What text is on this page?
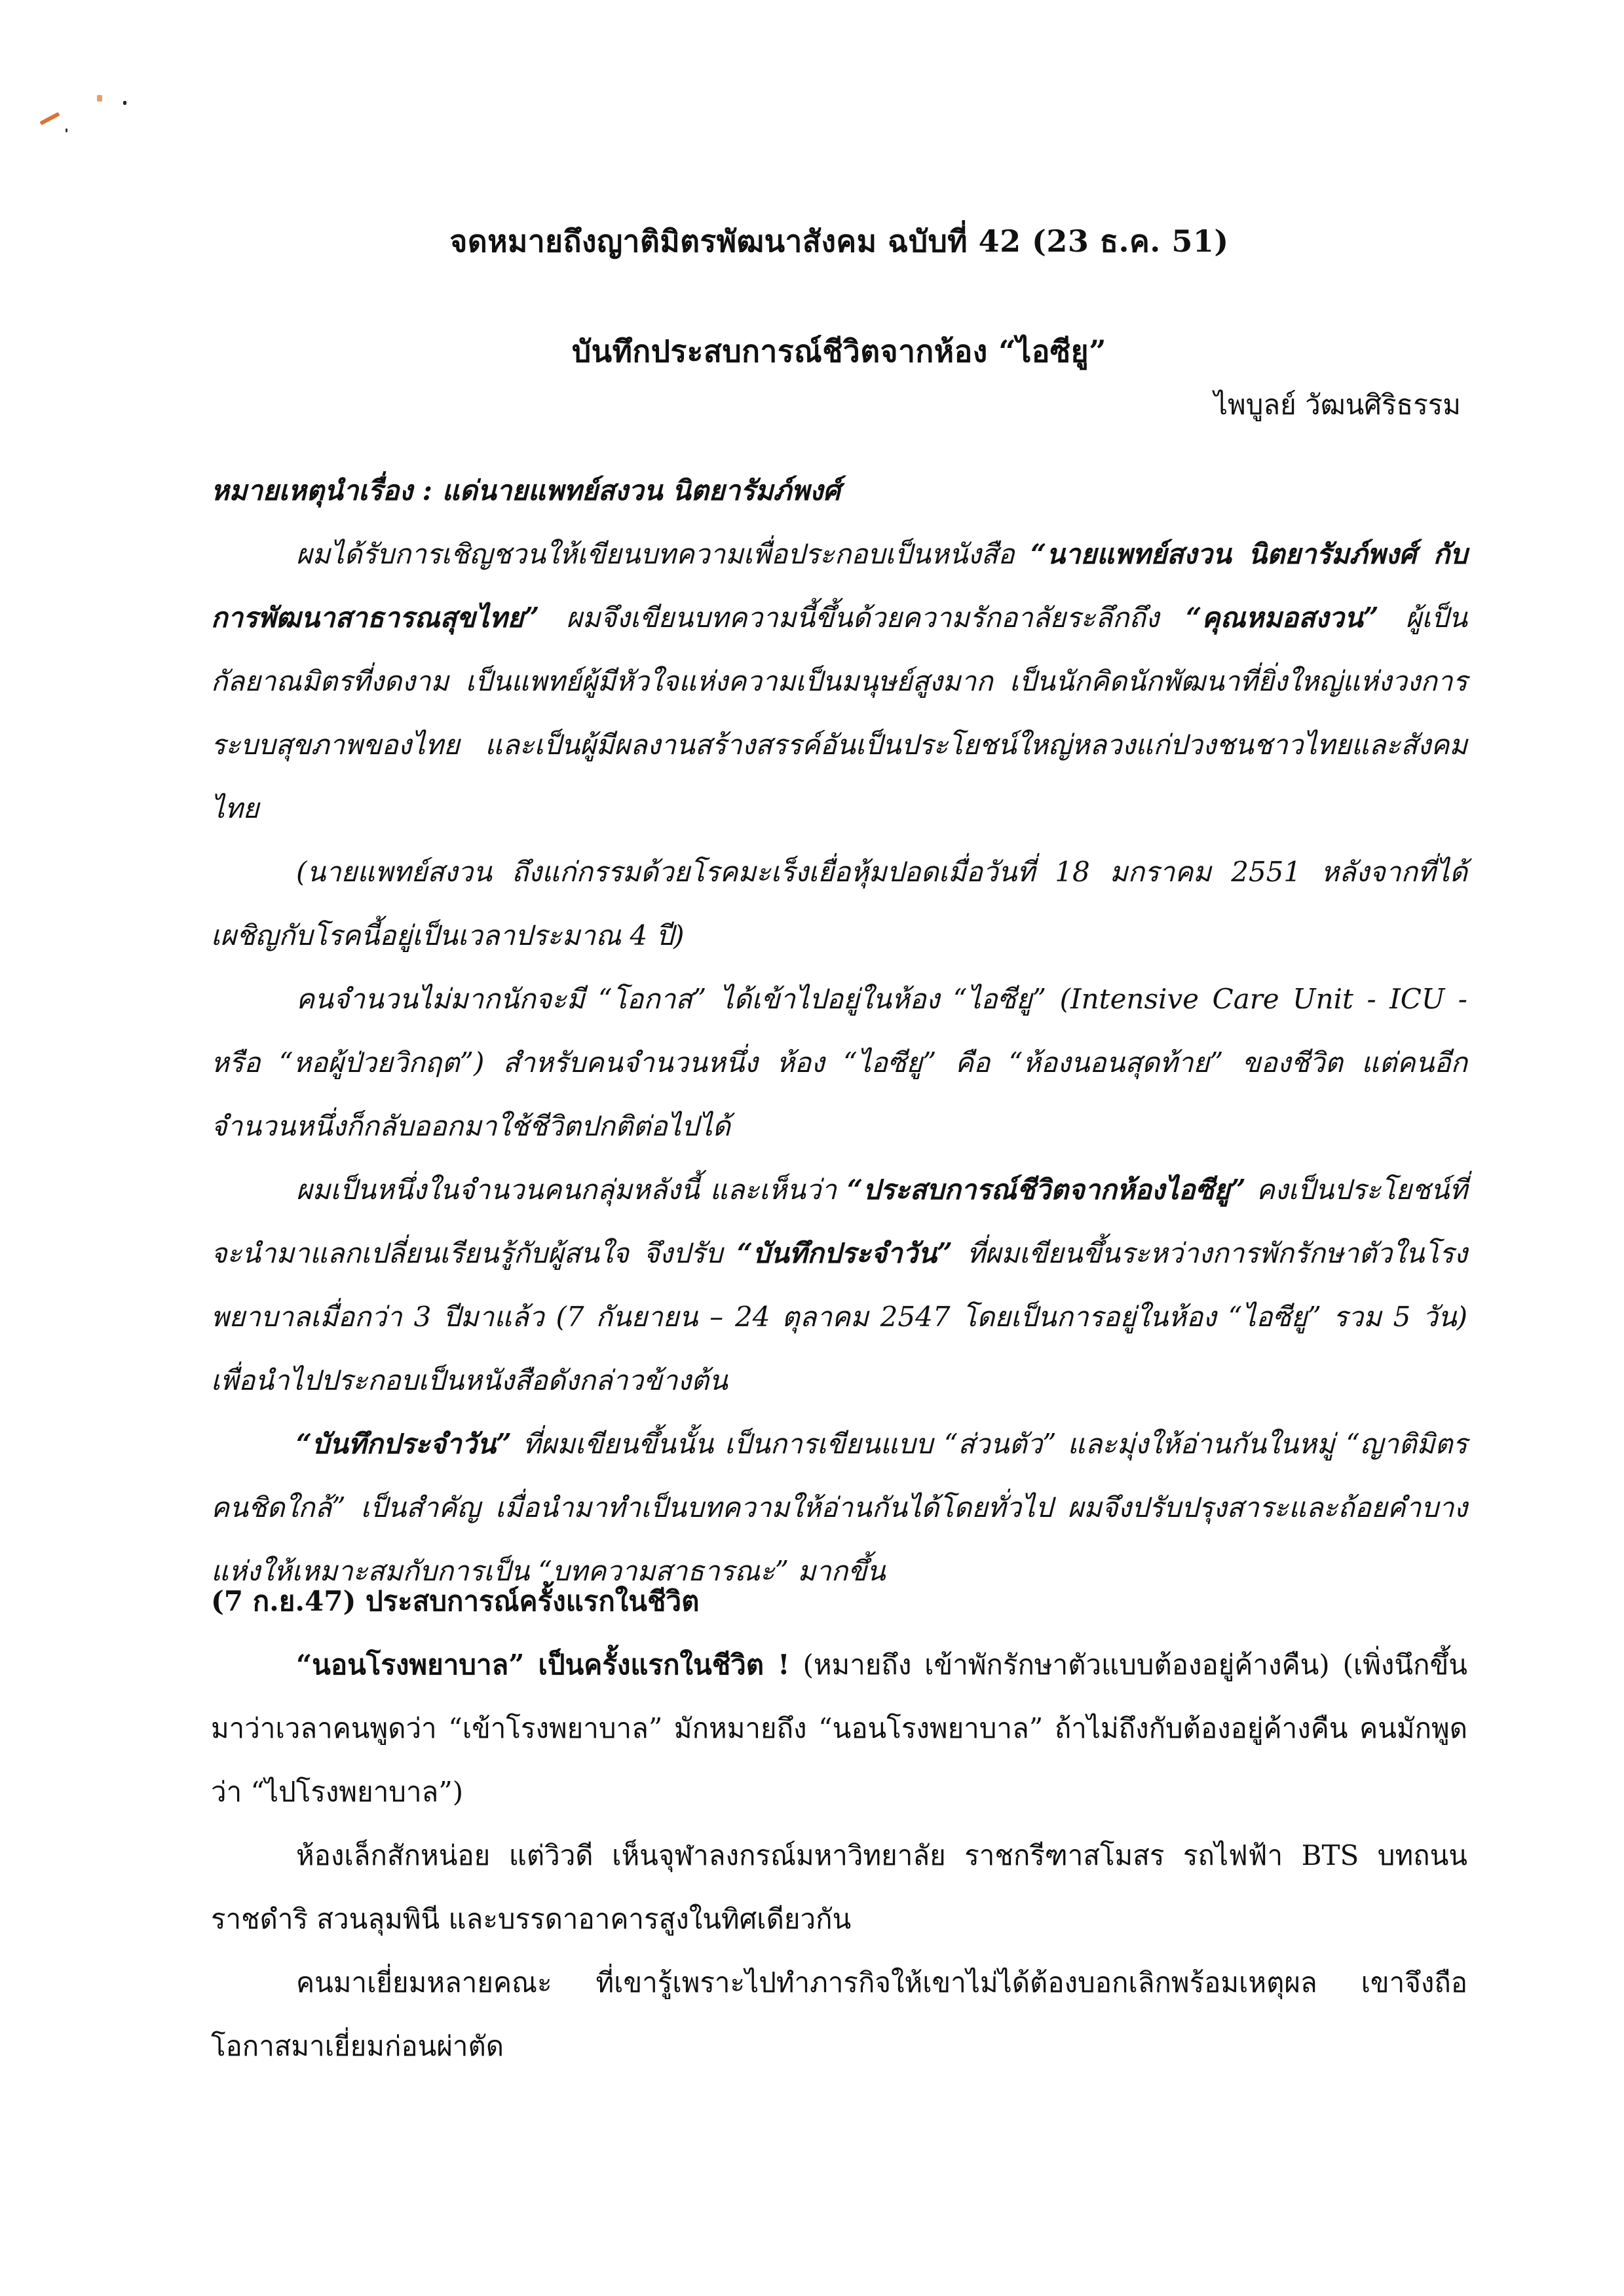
จดหมายถึงญาติมิตรพัฒนาสังคม ฉบับที่ 42 (23 ธ.ค. 51)
บันทึกประสบการณ์ชีวิตจากห้อง “ไอซียู”
ไพบูลย์ วัฒนศิริธรรม

หมายเหตุนำเรื่อง : แด่นายแพทย์สงวน นิตยารัมภ์พงศ์

ผมได้รับการเชิญชวนให้เขียนบทความเพื่อประกอบเป็นหนังสือ “นายแพทย์สงวน นิตยารัมภ์พงศ์ กับการพัฒนาสาธารณสุขไทย” ผมจึงเขียนบทความนี้ขึ้นด้วยความรักอาลัยระลึกถึง “คุณหมอสงวน” ผู้เป็นกัลยาณมิตรที่งดงาม เป็นแพทย์ผู้มีหัวใจแห่งความเป็นมนุษย์สูงมาก เป็นนักคิดนักพัฒนาที่ยิ่งใหญ่แห่งวงการระบบสุขภาพของไทย และเป็นผู้มีผลงานสร้างสรรค์อันเป็นประโยชน์ใหญ่หลวงแก่ปวงชนชาวไทยและสังคมไทย

(นายแพทย์สงวน ถึงแก่กรรมด้วยโรคมะเร็งเยื่อหุ้มปอดเมื่อวันที่ 18 มกราคม 2551 หลังจากที่ได้เผชิญกับโรคนี้อยู่เป็นเวลาประมาณ 4 ปี)

คนจำนวนไม่มากนักจะมี “โอกาส” ได้เข้าไปอยู่ในห้อง “ไอซียู” (Intensive Care Unit - ICU - หรือ “หอผู้ป่วยวิกฤต”) สำหรับคนจำนวนหนึ่ง ห้อง “ไอซียู” คือ “ห้องนอนสุดท้าย” ของชีวิต แต่คนอีกจำนวนหนึ่งก็กลับออกมาใช้ชีวิตปกติต่อไปได้

ผมเป็นหนึ่งในจำนวนคนกลุ่มหลังนี้ และเห็นว่า “ประสบการณ์ชีวิตจากห้องไอซียู” คงเป็นประโยชน์ที่จะนำมาแลกเปลี่ยนเรียนรู้กับผู้สนใจ จึงปรับ “บันทึกประจำวัน” ที่ผมเขียนขึ้นระหว่างการพักรักษาตัวในโรงพยาบาลเมื่อกว่า 3 ปีมาแล้ว (7 กันยายน – 24 ตุลาคม 2547 โดยเป็นการอยู่ในห้อง “ไอซียู” รวม 5 วัน) เพื่อนำไปประกอบเป็นหนังสือดังกล่าวข้างต้น

“บันทึกประจำวัน” ที่ผมเขียนขึ้นนั้น เป็นการเขียนแบบ “ส่วนตัว” และมุ่งให้อ่านกันในหมู่ “ญาติมิตรคนชิดใกล้” เป็นสำคัญ เมื่อนำมาทำเป็นบทความให้อ่านกันได้โดยทั่วไป ผมจึงปรับปรุงสาระและถ้อยคำบางแห่งให้เหมาะสมกับการเป็น “บทความสาธารณะ” มากขึ้น

(7 ก.ย.47) ประสบการณ์ครั้งแรกในชีวิต

“นอนโรงพยาบาล” เป็นครั้งแรกในชีวิต ! (หมายถึง เข้าพักรักษาตัวแบบต้องอยู่ค้างคืน) (เพิ่งนึกขึ้นมาว่าเวลาคนพูดว่า “เข้าโรงพยาบาล” มักหมายถึง “นอนโรงพยาบาล” ถ้าไม่ถึงกับต้องอยู่ค้างคืน คนมักพูดว่า “ไปโรงพยาบาล”)

ห้องเล็กสักหน่อย แต่วิวดี เห็นจุฬาลงกรณ์มหาวิทยาลัย ราชกรีฑาสโมสร รถไฟฟ้า BTS บทถนนราชดำริ สวนลุมพินี และบรรดาอาคารสูงในทิศเดียวกัน

คนมาเยี่ยมหลายคณะ ที่เขารู้เพราะไปทำภารกิจให้เขาไม่ได้ต้องบอกเลิกพร้อมเหตุผล เขาจึงถือโอกาสมาเยี่ยมก่อนผ่าตัด
